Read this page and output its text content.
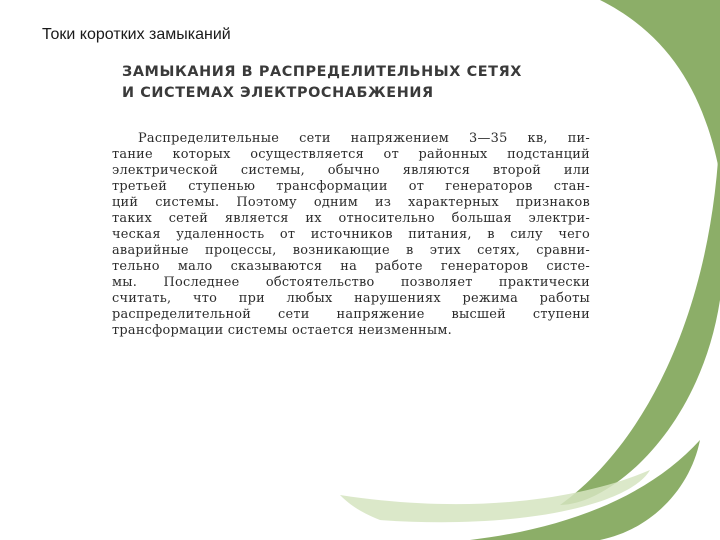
Токи коротких замыканий
ЗАМЫКАНИЯ В РАСПРЕДЕЛИТЕЛЬНЫХ СЕТЯХ
И СИСТЕМАХ ЭЛЕКТРОСНАБЖЕНИЯ
Распределительные сети напряжением 3—35 кв, пи-
тание которых осуществляется от районных подстанций
электрической системы, обычно являются второй или
третьей ступенью трансформации от генераторов стан-
ций системы. Поэтому одним из характерных признаков
таких сетей является их относительно большая электри-
ческая удаленность от источников питания, в силу чего
аварийные процессы, возникающие в этих сетях, сравни-
тельно мало сказываются на работе генераторов систе-
мы. Последнее обстоятельство позволяет практически
считать, что при любых нарушениях режима работы
распределительной сети напряжение высшей ступени
трансформации системы остается неизменным.
